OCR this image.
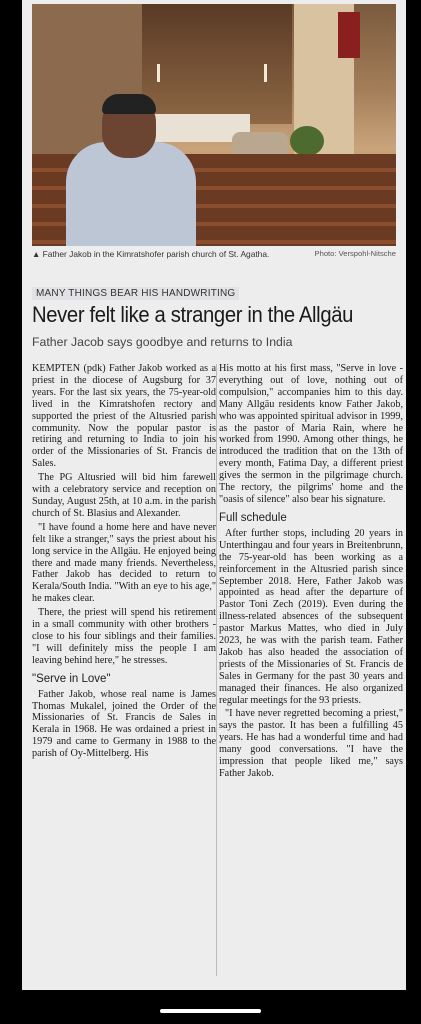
▲ Father Jakob in the Kimratshofer parish church of St. Agatha.	Photo: Verspohl-Nitsche
MANY THINGS BEAR HIS HANDWRITING
Never felt like a stranger in the Allgäu
Father Jacob says goodbye and returns to India

KEMPTEN (pdk) Father Jakob worked as a priest in the diocese of Augsburg for 37 years. For the last six years, the 75-year-old lived in the Kimratshofen rectory and supported the priest of the Altusried parish community. Now the popular pastor is retiring and returning to India to join his order of the Missionaries of St. Francis de Sales.

The PG Altusried will bid him farewell with a celebratory service and reception on Sunday, August 25th, at 10 a.m. in the parish church of St. Blasius and Alexander.

"I have found a home here and have never felt like a stranger," says the priest about his long service in the Allgäu. He enjoyed being there and made many friends. Nevertheless, Father Jakob has decided to return to Kerala/South India. "With an eye to his age," he makes clear.

There, the priest will spend his retirement in a small community with other brothers - close to his four siblings and their families. "I will definitely miss the people I am leaving behind here," he stresses.

"Serve in Love"

Father Jakob, whose real name is James Thomas Mukalel, joined the Order of the Missionaries of St. Francis de Sales in Kerala in 1968. He was ordained a priest in 1979 and came to Germany in 1988 to the parish of Oy-Mittelberg. His

His motto at his first mass, "Serve in love - everything out of love, nothing out of compulsion," accompanies him to this day. Many Allgäu residents know Father Jakob, who was appointed spiritual advisor in 1999, as the pastor of Maria Rain, where he worked from 1990. Among other things, he introduced the tradition that on the 13th of every month, Fatima Day, a different priest gives the sermon in the pilgrimage church. The rectory, the pilgrims' home and the "oasis of silence" also bear his signature.

Full schedule

After further stops, including 20 years in Unterthingau and four years in Breitenbrunn, the 75-year-old has been working as a reinforcement in the Altusried parish since September 2018. Here, Father Jakob was appointed as head after the departure of Pastor Toni Zech (2019). Even during the illness-related absences of the subsequent pastor Markus Mattes, who died in July 2023, he was with the parish team. Father Jakob has also headed the association of priests of the Missionaries of St. Francis de Sales in Germany for the past 30 years and managed their finances. He also organized regular meetings for the 93 priests.

"I have never regretted becoming a priest," says the pastor. It has been a fulfilling 45 years. He has had a wonderful time and had many good conversations. "I have the impression that people liked me," says Father Jakob.
